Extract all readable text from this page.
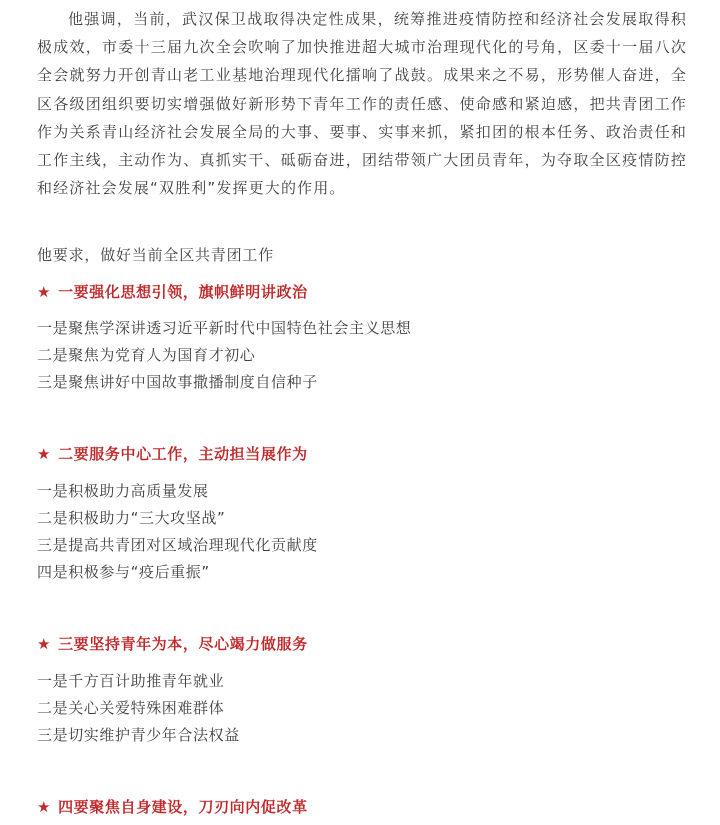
他强调，当前，武汉保卫战取得决定性成果，统筹推进疫情防控和经济社会发展取得积极成效，市委十三届九次全会吹响了加快推进超大城市治理现代化的号角，区委十一届八次全会就努力开创青山老工业基地治理现代化擂响了战鼓。成果来之不易，形势催人奋进，全区各级团组织要切实增强做好新形势下青年工作的责任感、使命感和紧迫感，把共青团工作作为关系青山经济社会发展全局的大事、要事、实事来抓，紧扣团的根本任务、政治责任和工作主线，主动作为、真抓实干、砥砺奋进，团结带领广大团员青年，为夺取全区疫情防控和经济社会发展“双胜利”发挥更大的作用。

他要求，做好当前全区共青团工作

★ 一要强化思想引领，旗帜鲜明讲政治
一是聚焦学深讲透习近平新时代中国特色社会主义思想
二是聚焦为党育人为国育才初心
三是聚焦讲好中国故事撒播制度自信种子
★ 二要服务中心工作，主动担当展作为
一是积极助力高质量发展
二是积极助力“三大攻坚战”
三是提高共青团对区域治理现代化贡献度
四是积极参与“疫后重振”
★ 三要坚持青年为本，尽心竭力做服务
一是千方百计助推青年就业
二是关心关爱特殊困难群体
三是切实维护青少年合法权益
★ 四要聚焦自身建设，刀刃向内促改革
